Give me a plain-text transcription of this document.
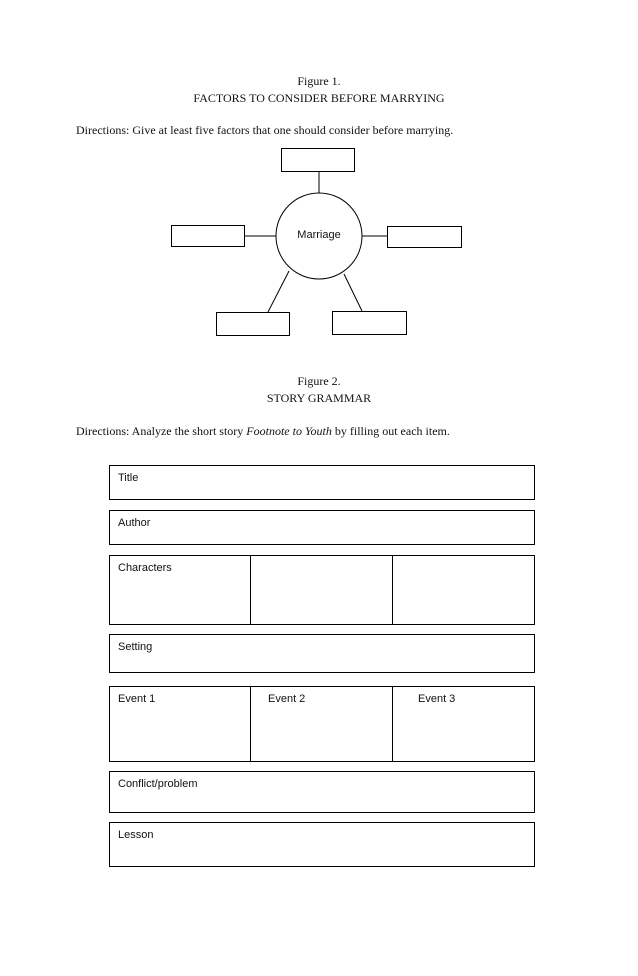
Figure 1.
FACTORS TO CONSIDER BEFORE MARRYING
Directions: Give at least five factors that one should consider before marrying.
Marriage
Figure 2.
STORY GRAMMAR
Directions: Analyze the short story Footnote to Youth by filling out each item.
Title
Author
Characters
Setting
Event 1	Event 2	Event 3
Conflict/problem
Lesson
